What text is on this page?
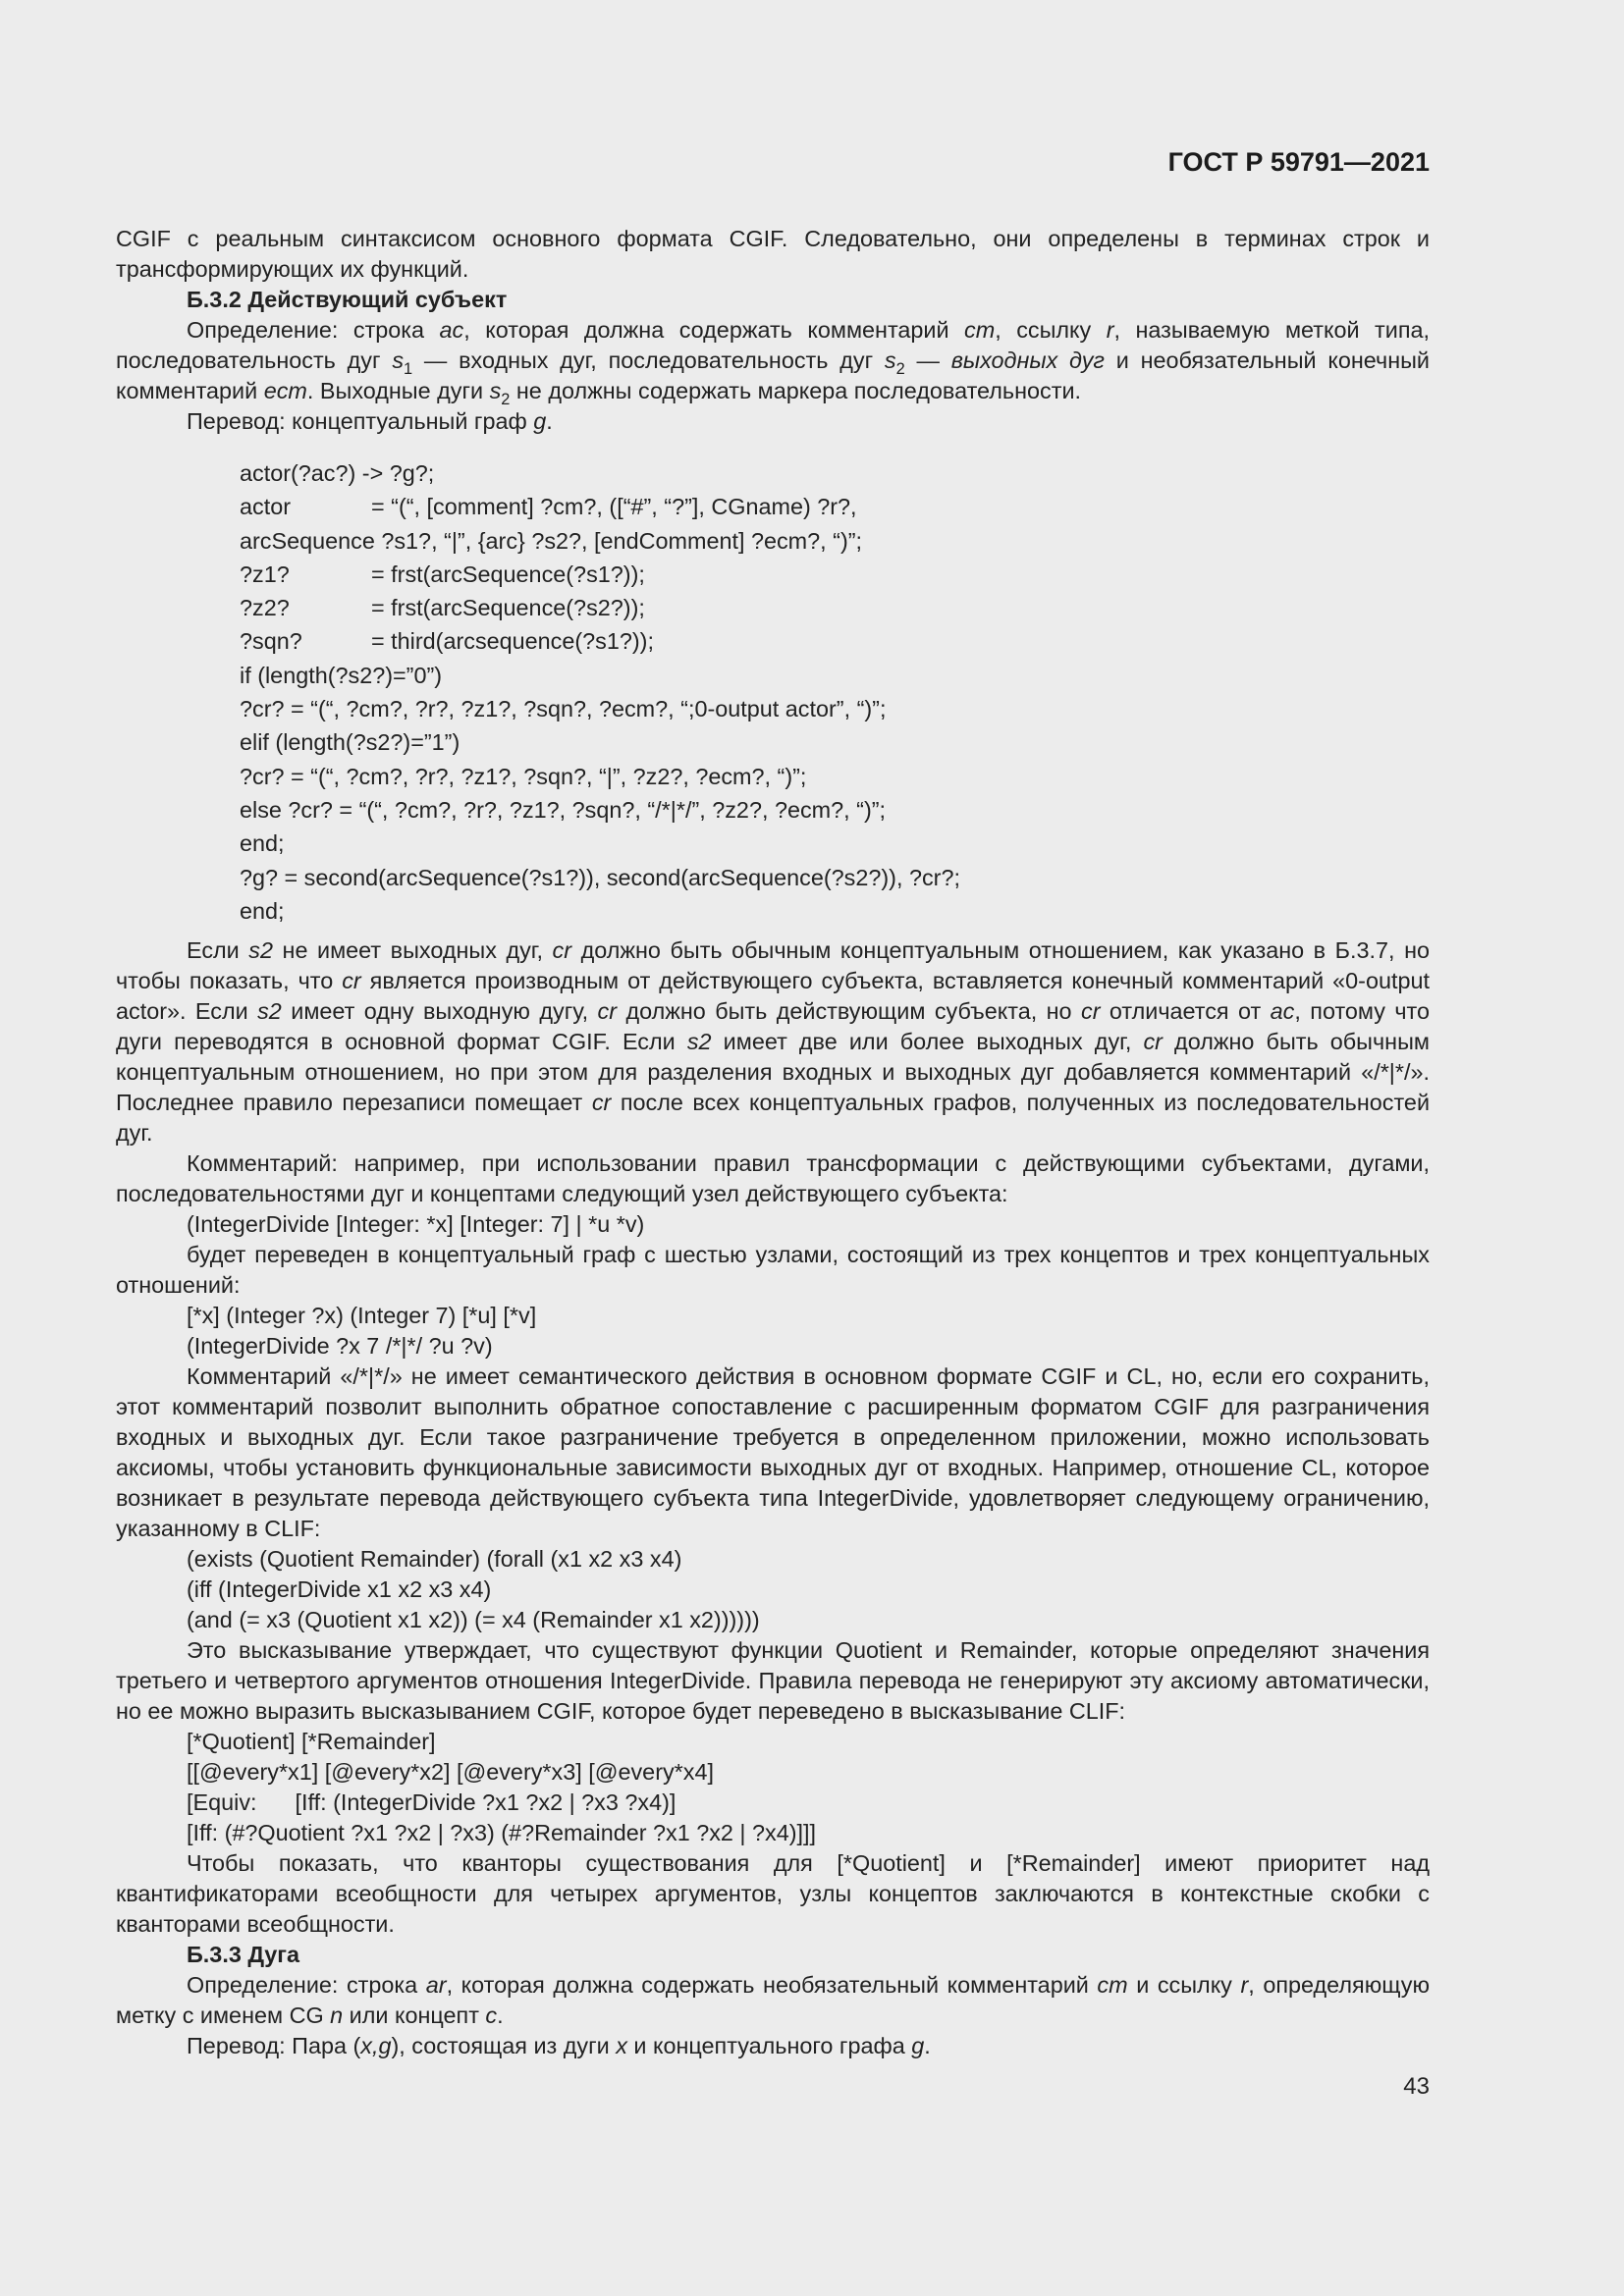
ГОСТ Р 59791—2021

CGIF с реальным синтаксисом основного формата CGIF. Следовательно, они определены в терминах строк и трансформирующих их функций.

Б.3.2 Действующий субъект

Определение: строка ac, которая должна содержать комментарий cm, ссылку r, называемую меткой типа, последовательность дуг $s_1$ — входных дуг, последовательность дуг $s_2$ — выходных дуг и необязательный конечный комментарий ecm. Выходные дуги $s_2$ не должны содержать маркера последовательности.

Перевод: концептуальный граф g.

actor(?ac?) -> ?g?;
actor	= “(“, [comment] ?cm?, ([“#”, “?”], CGname) ?r?,
arcSequence ?s1?, “|”, {arc} ?s2?, [endComment] ?ecm?, “)”;
?z1?	= frst(arcSequence(?s1?));
?z2?	= frst(arcSequence(?s2?));
?sqn?	= third(arcsequence(?s1?));
if (length(?s2?)=”0”)
?cr? = “(“, ?cm?, ?r?, ?z1?, ?sqn?, ?ecm?, “;0-output actor”, “)”;
elif (length(?s2?)=”1”)
?cr? = “(“, ?cm?, ?r?, ?z1?, ?sqn?, “|”, ?z2?, ?ecm?, “)”;
else ?cr? = “(“, ?cm?, ?r?, ?z1?, ?sqn?, “/*|*/”, ?z2?, ?ecm?, “)”;
end;
?g? = second(arcSequence(?s1?)), second(arcSequence(?s2?)), ?cr?;
end;

Если s2 не имеет выходных дуг, cr должно быть обычным концептуальным отношением, как указано в Б.3.7, но чтобы показать, что cr является производным от действующего субъекта, вставляется конечный комментарий «0-output actor». Если s2 имеет одну выходную дугу, cr должно быть действующим субъекта, но cr отличается от ac, потому что дуги переводятся в основной формат CGIF. Если s2 имеет две или более выходных дуг, cr должно быть обычным концептуальным отношением, но при этом для разделения входных и выходных дуг добавляется комментарий «/*|*/». Последнее правило перезаписи помещает cr после всех концептуальных графов, полученных из последовательностей дуг.

Комментарий: например, при использовании правил трансформации с действующими субъектами, дугами, последовательностями дуг и концептами следующий узел действующего субъекта:

(IntegerDivide [Integer: *x] [Integer: 7] | *u *v)

будет переведен в концептуальный граф с шестью узлами, состоящий из трех концептов и трех концептуальных отношений:

[*x] (Integer ?x) (Integer 7) [*u] [*v]

(IntegerDivide ?x 7 /*|*/ ?u ?v)

Комментарий «/*|*/» не имеет семантического действия в основном формате CGIF и CL, но, если его сохранить, этот комментарий позволит выполнить обратное сопоставление с расширенным форматом CGIF для разграничения входных и выходных дуг. Если такое разграничение требуется в определенном приложении, можно использовать аксиомы, чтобы установить функциональные зависимости выходных дуг от входных. Например, отношение CL, которое возникает в результате перевода действующего субъекта типа IntegerDivide, удовлетворяет следующему ограничению, указанному в CLIF:

(exists (Quotient Remainder) (forall (x1 x2 x3 x4)

(iff (IntegerDivide x1 x2 x3 x4)

(and (= x3 (Quotient x1 x2)) (= x4 (Remainder x1 x2))))))

Это высказывание утверждает, что существуют функции Quotient и Remainder, которые определяют значения третьего и четвертого аргументов отношения IntegerDivide. Правила перевода не генерируют эту аксиому автоматически, но ее можно выразить высказыванием CGIF, которое будет переведено в высказывание CLIF:

[*Quotient] [*Remainder]

[[@every*x1] [@every*x2] [@every*x3] [@every*x4]

[Equiv:      [Iff: (IntegerDivide ?x1 ?x2 | ?x3 ?x4)]

[Iff: (#?Quotient ?x1 ?x2 | ?x3) (#?Remainder ?x1 ?x2 | ?x4)]]]

Чтобы показать, что кванторы существования для [*Quotient] и [*Remainder] имеют приоритет над квантификаторами всеобщности для четырех аргументов, узлы концептов заключаются в контекстные скобки с кванторами всеобщности.

Б.3.3 Дуга

Определение: строка ar, которая должна содержать необязательный комментарий cm и ссылку r, определяющую метку с именем CG n или концепт c.

Перевод: Пара (x,g), состоящая из дуги x и концептуального графа g.

43
